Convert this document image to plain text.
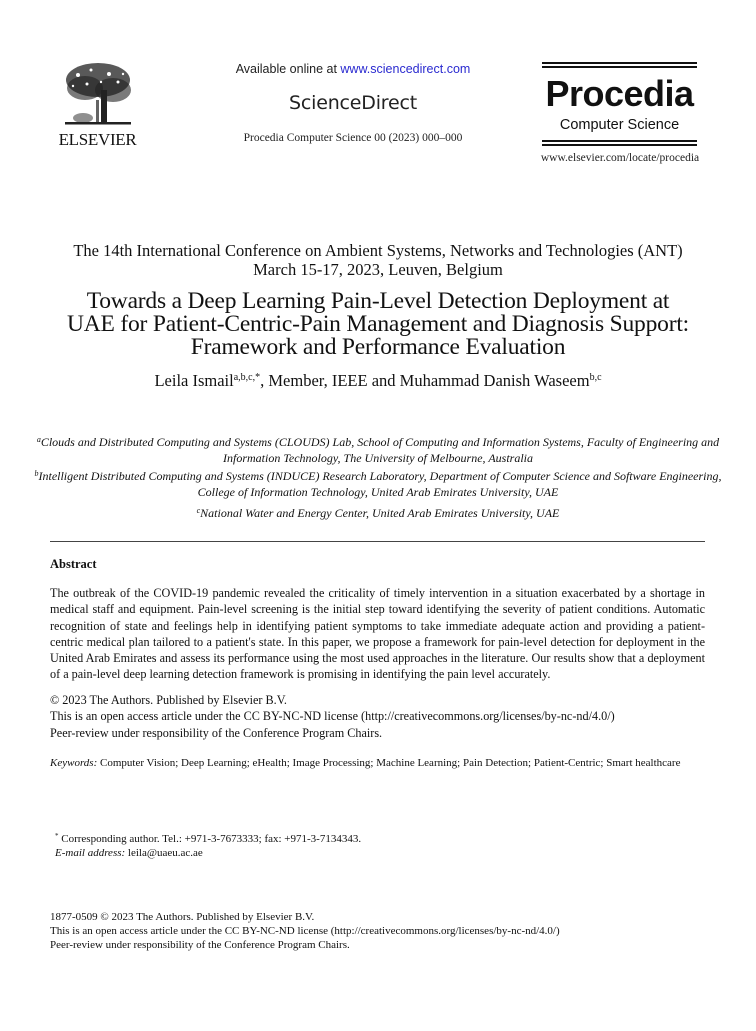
ELSEVIER
Available online at www.sciencedirect.com
ScienceDirect
Procedia Computer Science 00 (2023) 000–000
Procedia
Computer Science
www.elsevier.com/locate/procedia
The 14th International Conference on Ambient Systems, Networks and Technologies (ANT)
March 15-17, 2023, Leuven, Belgium
Towards a Deep Learning Pain-Level Detection Deployment at
UAE for Patient-Centric-Pain Management and Diagnosis Support:
Framework and Performance Evaluation
Leila Ismail$^{a,b,c,*}$, Member, IEEE and Muhammad Danish Waseem$^{b,c}$

$^a$Clouds and Distributed Computing and Systems (CLOUDS) Lab, School of Computing and Information Systems, Faculty of Engineering and Information Technology, The University of Melbourne, Australia

$^b$Intelligent Distributed Computing and Systems (INDUCE) Research Laboratory, Department of Computer Science and Software Engineering, College of Information Technology, United Arab Emirates University, UAE

$^c$National Water and Energy Center, United Arab Emirates University, UAE

Abstract
The outbreak of the COVID-19 pandemic revealed the criticality of timely intervention in a situation exacerbated by a shortage in medical staff and equipment. Pain-level screening is the initial step toward identifying the severity of patient conditions. Automatic recognition of state and feelings help in identifying patient symptoms to take immediate adequate action and providing a patient-centric medical plan tailored to a patient's state. In this paper, we propose a framework for pain-level detection for deployment in the United Arab Emirates and assess its performance using the most used approaches in the literature. Our results show that a deployment of a pain-level deep learning detection framework is promising in identifying the pain level accurately.
© 2023 The Authors. Published by Elsevier B.V.
This is an open access article under the CC BY-NC-ND license (http://creativecommons.org/licenses/by-nc-nd/4.0/)
Peer-review under responsibility of the Conference Program Chairs.
Keywords: Computer Vision; Deep Learning; eHealth; Image Processing; Machine Learning; Pain Detection; Patient-Centric; Smart healthcare
* Corresponding author. Tel.: +971-3-7673333; fax: +971-3-7134343.
E-mail address: leila@uaeu.ac.ae
1877-0509 © 2023 The Authors. Published by Elsevier B.V.
This is an open access article under the CC BY-NC-ND license (http://creativecommons.org/licenses/by-nc-nd/4.0/)
Peer-review under responsibility of the Conference Program Chairs.
